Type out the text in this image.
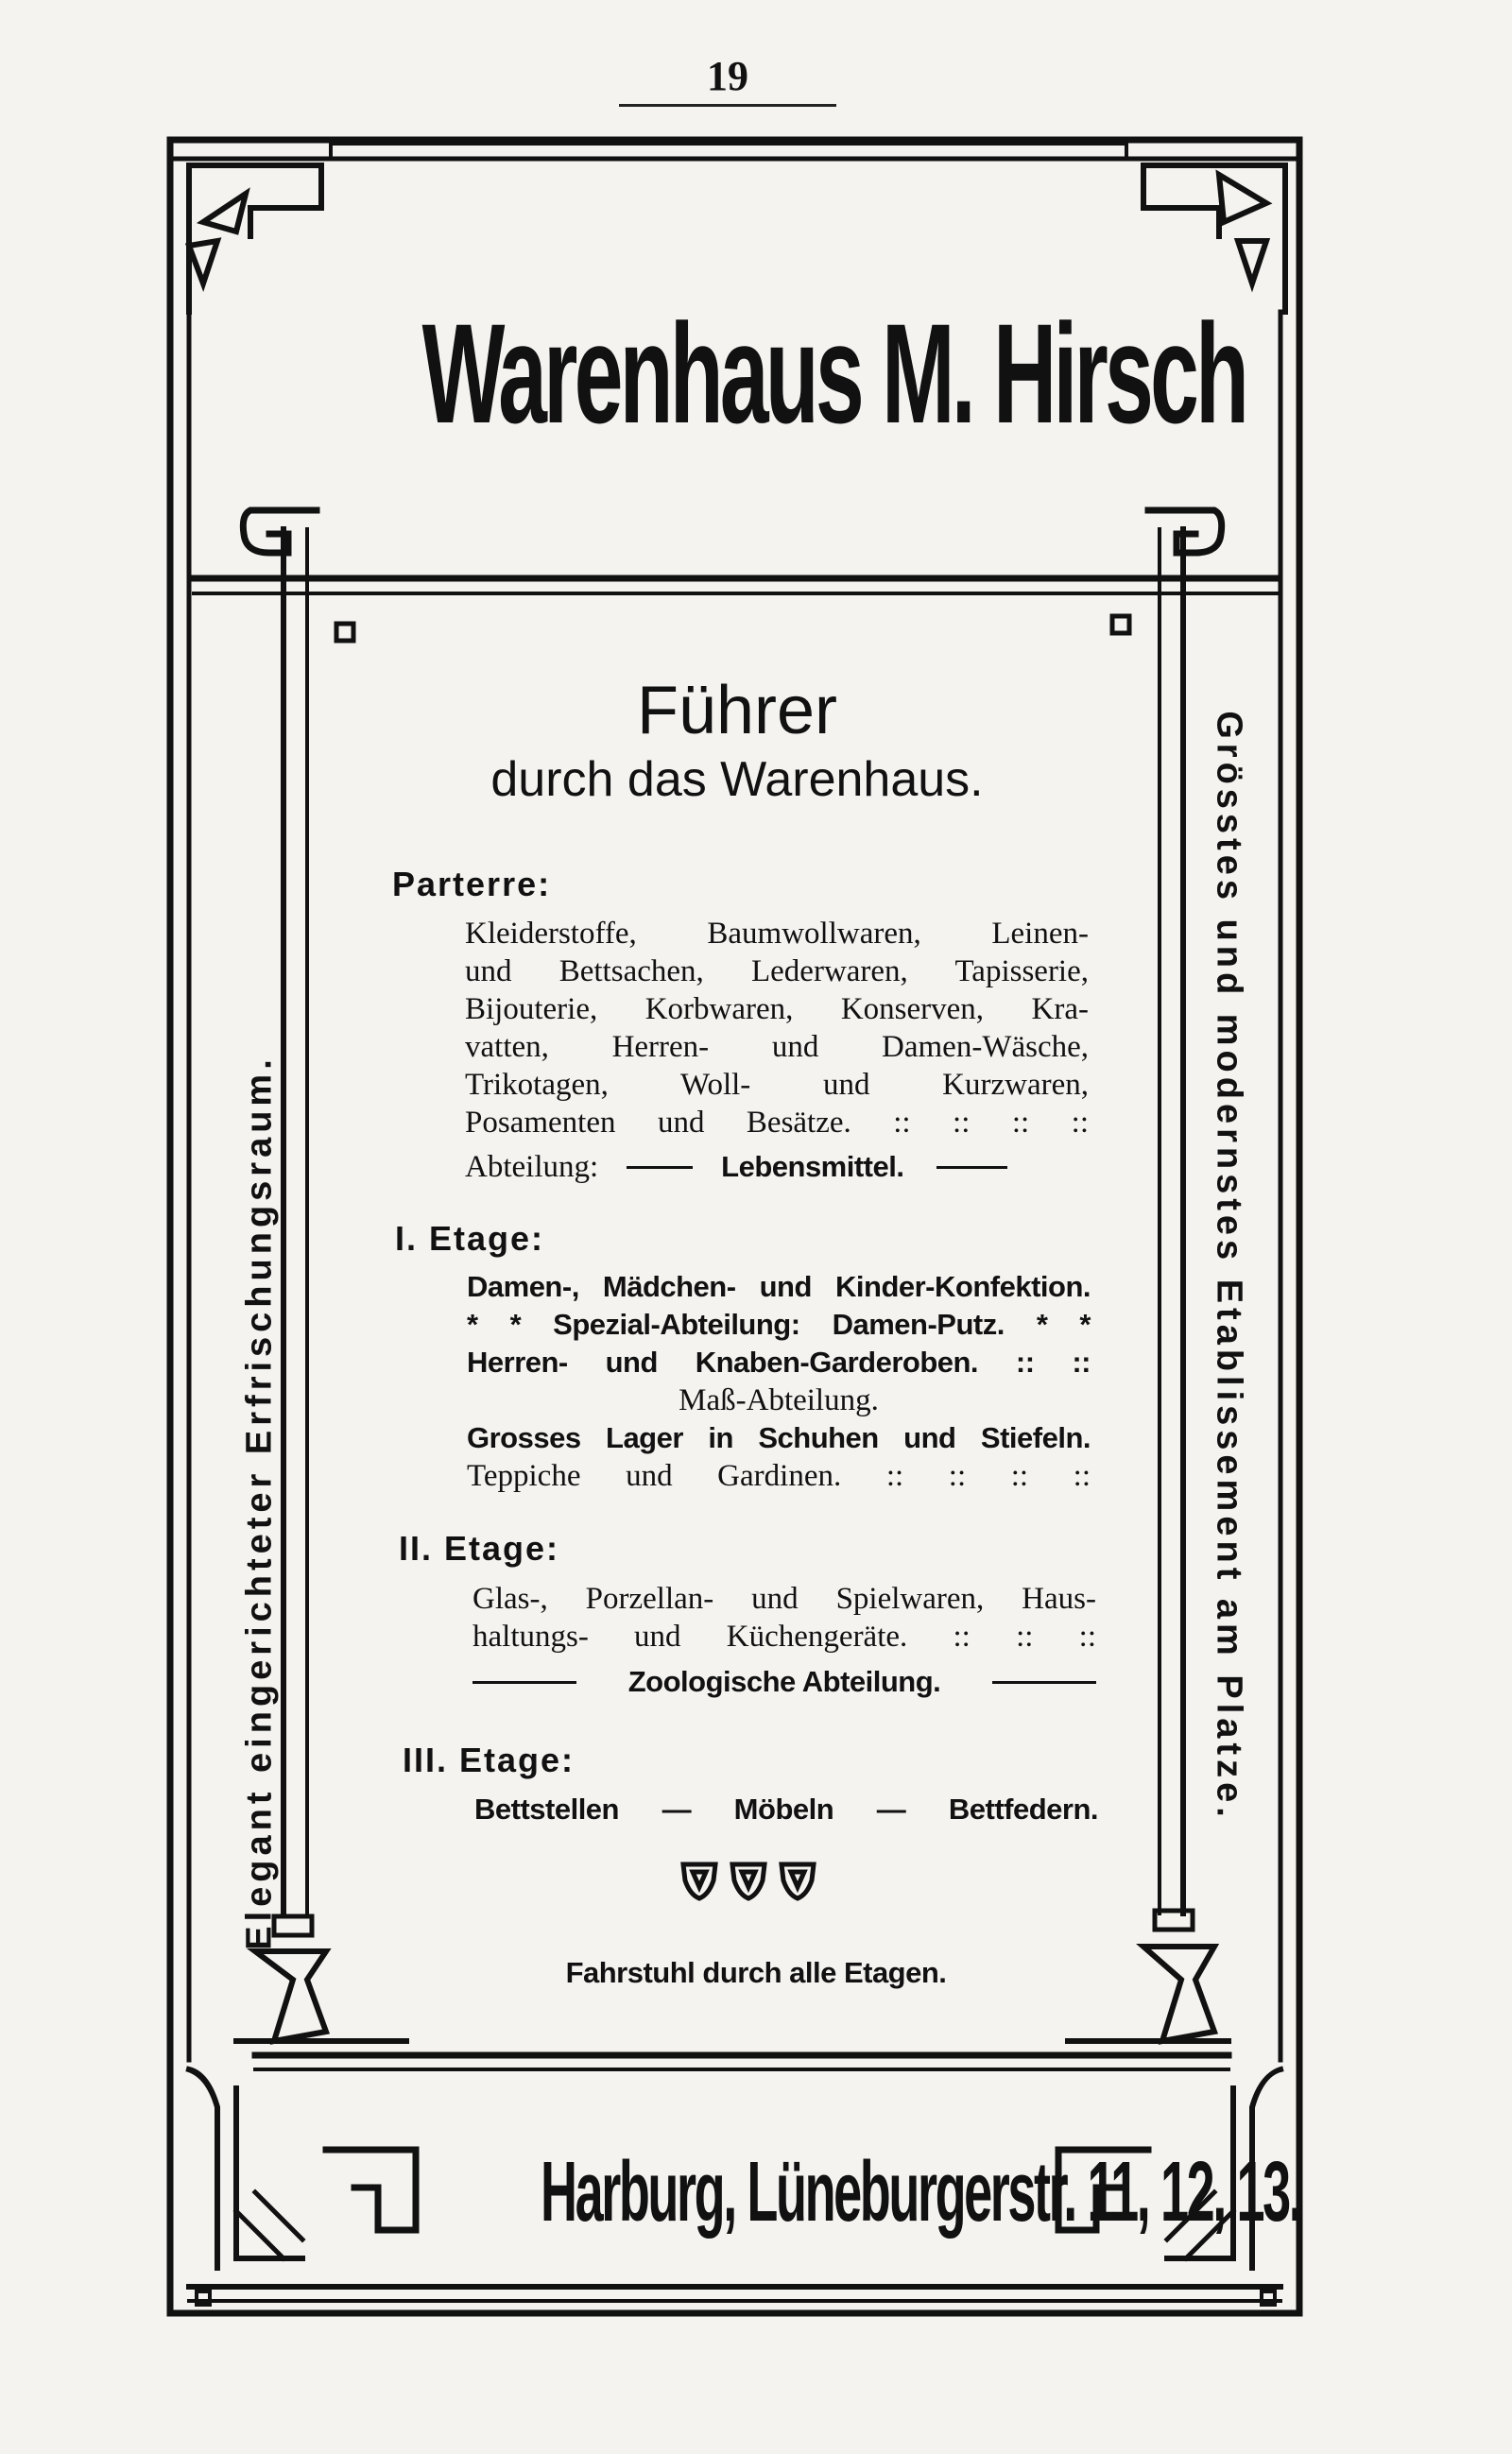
19
Warenhaus M. Hirsch
Elegant eingerichteter Erfrischungsraum.	Grösstes und modernstes Etablissement am Platze.
Führer
durch das Warenhaus.
Parterre:
Kleiderstoffe, Baumwollwaren, Leinen-
und Bettsachen, Lederwaren, Tapisserie,
Bijouterie, Korbwaren, Konserven, Kra-
vatten, Herren- und Damen-Wäsche,
Trikotagen, Woll- und Kurzwaren,
Posamenten und Besätze. :: :: :: ::
Abteilung:	Lebensmittel.
I. Etage:
Damen-, Mädchen- und Kinder-Konfektion.
* * Spezial-Abteilung: Damen-Putz. * *
Herren- und Knaben-Garderoben. :: ::
Maß-Abteilung.
Grosses Lager in Schuhen und Stiefeln.
Teppiche und Gardinen. :: :: :: ::
II. Etage:
Glas-, Porzellan- und Spielwaren, Haus-
haltungs- und Küchengeräte. :: :: ::
Zoologische Abteilung.
III. Etage:
Bettstellen — Möbeln — Bettfedern.
Fahrstuhl durch alle Etagen.
Harburg, Lüneburgerstr. 11, 12, 13.
